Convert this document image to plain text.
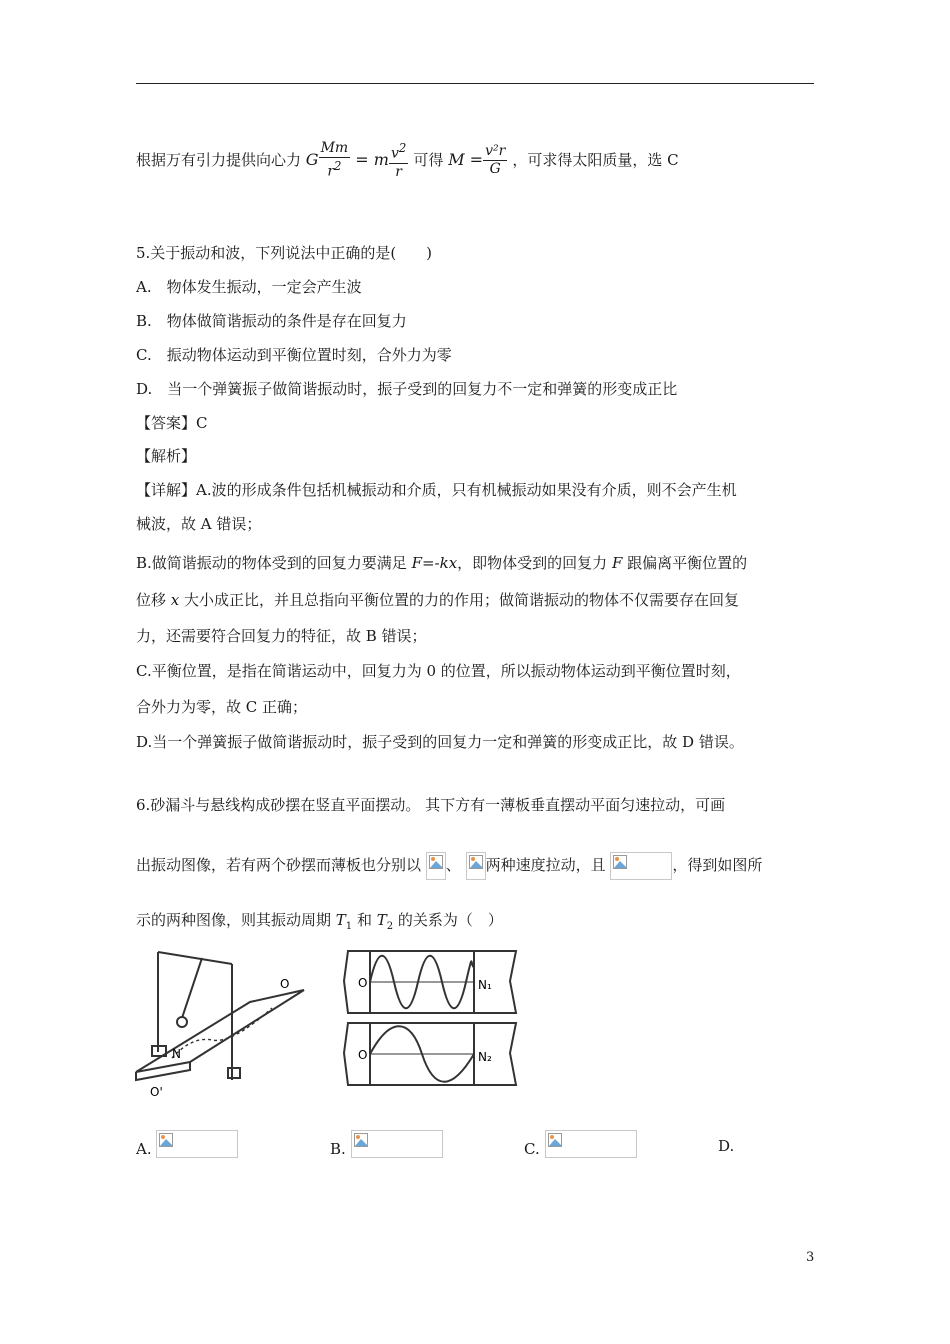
根据万有引力提供向心力 G $\frac{Mm}{r^2} = m \frac{v^2}{r}$ 可得 $M = \frac{\text{v²r}}{G}$ ，可求得太阳质量，选 C
5.关于振动和波，下列说法中正确的是(　　)
A.　物体发生振动，一定会产生波
B.　物体做简谐振动的条件是存在回复力
C.　振动物体运动到平衡位置时刻，合外力为零
D.　当一个弹簧振子做简谐振动时，振子受到的回复力不一定和弹簧的形变成正比
【答案】C
【解析】
【详解】A.波的形成条件包括机械振动和介质，只有机械振动如果没有介质，则不会产生机
械波，故 A 错误；
B.做简谐振动的物体受到的回复力要满足 F=-kx，即物体受到的回复力 F 跟偏离平衡位置的
位移 x 大小成正比，并且总指向平衡位置的力的作用；做简谐振动的物体不仅需要存在回复
力，还需要符合回复力的特征，故 B 错误；
C.平衡位置，是指在简谐运动中，回复力为 0 的位置，所以振动物体运动到平衡位置时刻，
合外力为零，故 C 正确；
D.当一个弹簧振子做简谐振动时，振子受到的回复力一定和弹簧的形变成正比，故 D 错误。
6.砂漏斗与悬线构成砂摆在竖直平面摆动。 其下方有一薄板垂直摆动平面匀速拉动，可画
出振动图像，若有两个砂摆而薄板也分别以 、 两种速度拉动，且	，得到如图所
示的两种图像，则其振动周期 $T_1$ 和 $T_2$ 的关系为（　）
O
N
O'
O	N₁
O	N₂
A.	B.	C.	D.
3
